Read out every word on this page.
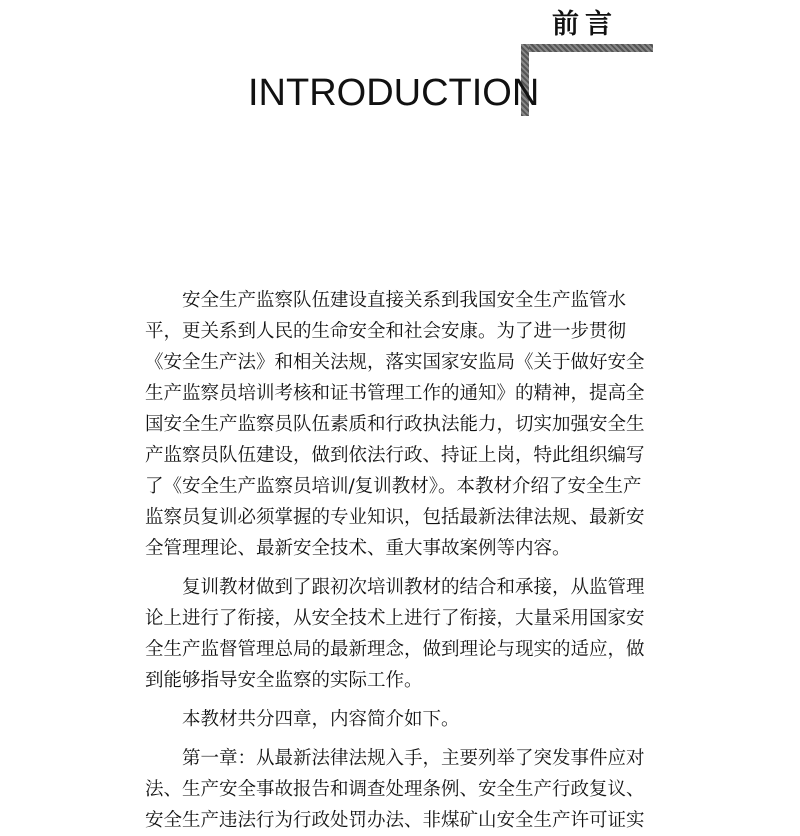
前言
INTRODUCTION
　　安全生产监察队伍建设直接关系到我国安全生产监管水
平，更关系到人民的生命安全和社会安康。为了进一步贯彻
《安全生产法》和相关法规，落实国家安监局《关于做好安全
生产监察员培训考核和证书管理工作的通知》的精神，提高全
国安全生产监察员队伍素质和行政执法能力，切实加强安全生
产监察员队伍建设，做到依法行政、持证上岗，特此组织编写
了《安全生产监察员培训/复训教材》。本教材介绍了安全生产
监察员复训必须掌握的专业知识，包括最新法律法规、最新安
全管理理论、最新安全技术、重大事故案例等内容。
　　复训教材做到了跟初次培训教材的结合和承接，从监管理
论上进行了衔接，从安全技术上进行了衔接，大量采用国家安
全生产监督管理总局的最新理念，做到理论与现实的适应，做
到能够指导安全监察的实际工作。
　　本教材共分四章，内容简介如下。
　　第一章：从最新法律法规入手，主要列举了突发事件应对
法、生产安全事故报告和调查处理条例、安全生产行政复议、
安全生产违法行为行政处罚办法、非煤矿山安全生产许可证实
